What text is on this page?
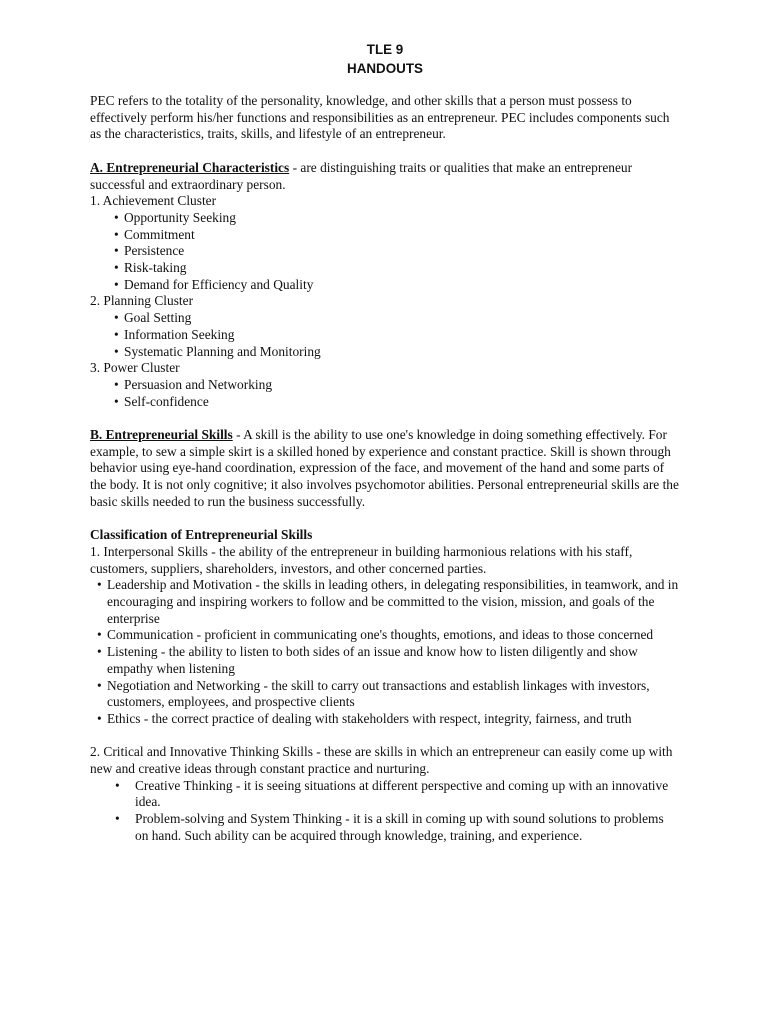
TLE 9

HANDOUTS

PEC refers to the totality of the personality, knowledge, and other skills that a person must possess to effectively perform his/her functions and responsibilities as an entrepreneur. PEC includes components such as the characteristics, traits, skills, and lifestyle of an entrepreneur.

A. Entrepreneurial Characteristics - are distinguishing traits or qualities that make an entrepreneur successful and extraordinary person.

1. Achievement Cluster

• Opportunity Seeking
• Commitment
• Persistence
• Risk-taking
• Demand for Efficiency and Quality

2. Planning Cluster

• Goal Setting
• Information Seeking
• Systematic Planning and Monitoring

3. Power Cluster

• Persuasion and Networking
• Self-confidence

B. Entrepreneurial Skills - A skill is the ability to use one's knowledge in doing something effectively. For example, to sew a simple skirt is a skilled honed by experience and constant practice. Skill is shown through behavior using eye-hand coordination, expression of the face, and movement of the hand and some parts of the body. It is not only cognitive; it also involves psychomotor abilities. Personal entrepreneurial skills are the basic skills needed to run the business successfully.

Classification of Entrepreneurial Skills

1. Interpersonal Skills - the ability of the entrepreneur in building harmonious relations with his staff, customers, suppliers, shareholders, investors, and other concerned parties.

• Leadership and Motivation - the skills in leading others, in delegating responsibilities, in teamwork, and in encouraging and inspiring workers to follow and be committed to the vision, mission, and goals of the enterprise
• Communication - proficient in communicating one's thoughts, emotions, and ideas to those concerned
• Listening - the ability to listen to both sides of an issue and know how to listen diligently and show empathy when listening
• Negotiation and Networking - the skill to carry out transactions and establish linkages with investors, customers, employees, and prospective clients
• Ethics - the correct practice of dealing with stakeholders with respect, integrity, fairness, and truth

2. Critical and Innovative Thinking Skills - these are skills in which an entrepreneur can easily come up with new and creative ideas through constant practice and nurturing.

• Creative Thinking - it is seeing situations at different perspective and coming up with an innovative idea.
• Problem-solving and System Thinking - it is a skill in coming up with sound solutions to problems on hand. Such ability can be acquired through knowledge, training, and experience.
